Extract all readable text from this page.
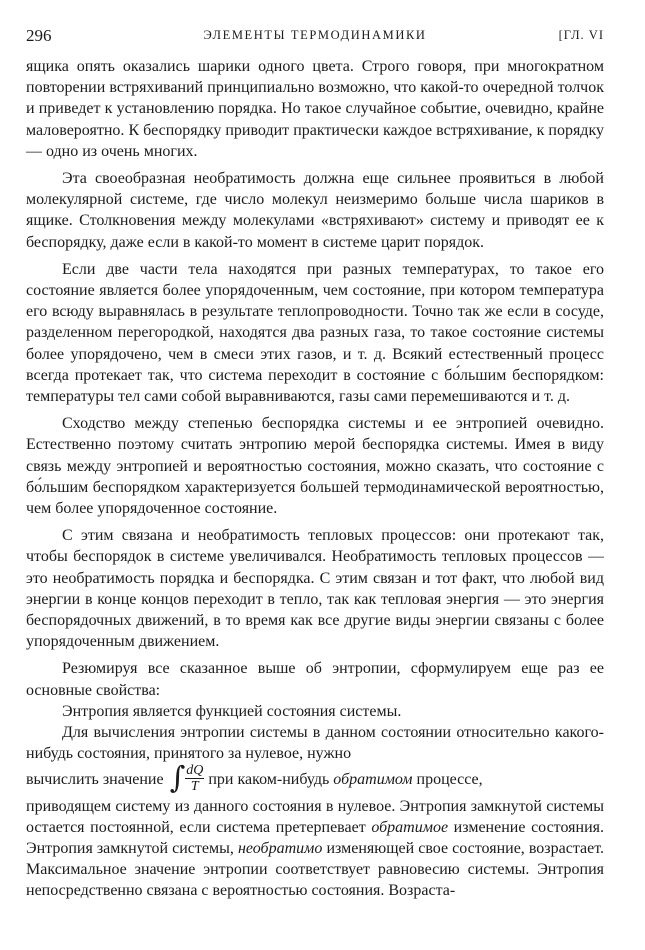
296	ЭЛЕМЕНТЫ ТЕРМОДИНАМИКИ	[ГЛ. VI

ящика опять оказались шарики одного цвета. Строго говоря, при многократном повторении встряхиваний принципиально возможно, что какой-то очередной толчок и приведет к установлению порядка. Но такое случайное событие, очевидно, крайне маловероятно. К беспорядку приводит практически каждое встряхивание, к порядку — одно из очень многих.

Эта своеобразная необратимость должна еще сильнее проявиться в любой молекулярной системе, где число молекул неизмеримо больше числа шариков в ящике. Столкновения между молекулами «встряхивают» систему и приводят ее к беспорядку, даже если в какой-то момент в системе царит порядок.

Если две части тела находятся при разных температурах, то такое его состояние является более упорядоченным, чем состояние, при котором температура его всюду выравнялась в результате теплопроводности. Точно так же если в сосуде, разделенном перегородкой, находятся два разных газа, то такое состояние системы более упорядочено, чем в смеси этих газов, и т. д. Всякий естественный процесс всегда протекает так, что система переходит в состояние с бо́льшим беспорядком: температуры тел сами собой выравниваются, газы сами перемешиваются и т. д.

Сходство между степенью беспорядка системы и ее энтропией очевидно. Естественно поэтому считать энтропию мерой беспорядка системы. Имея в виду связь между энтропией и вероятностью состояния, можно сказать, что состояние с бо́льшим беспорядком характеризуется большей термодинамической вероятностью, чем более упорядоченное состояние.

С этим связана и необратимость тепловых процессов: они протекают так, чтобы беспорядок в системе увеличивался. Необратимость тепловых процессов — это необратимость порядка и беспорядка. С этим связан и тот факт, что любой вид энергии в конце концов переходит в тепло, так как тепловая энергия — это энергия беспорядочных движений, в то время как все другие виды энергии связаны с более упорядоченным движением.

Резюмируя все сказанное выше об энтропии, сформулируем еще раз ее основные свойства:

Энтропия является функцией состояния системы.

Для вычисления энтропии системы в данном состоянии относительно какого-нибудь состояния, принятого за нулевое, нужно

вычислить значение ∫ $\frac{dQ}{T}$ при каком-нибудь обратимом процессе,

приводящем систему из данного состояния в нулевое. Энтропия замкнутой системы остается постоянной, если система претерпевает обратимое изменение состояния. Энтропия замкнутой системы, необратимо изменяющей свое состояние, возрастает. Максимальное значение энтропии соответствует равновесию системы. Энтропия непосредственно связана с вероятностью состояния. Возраста-
